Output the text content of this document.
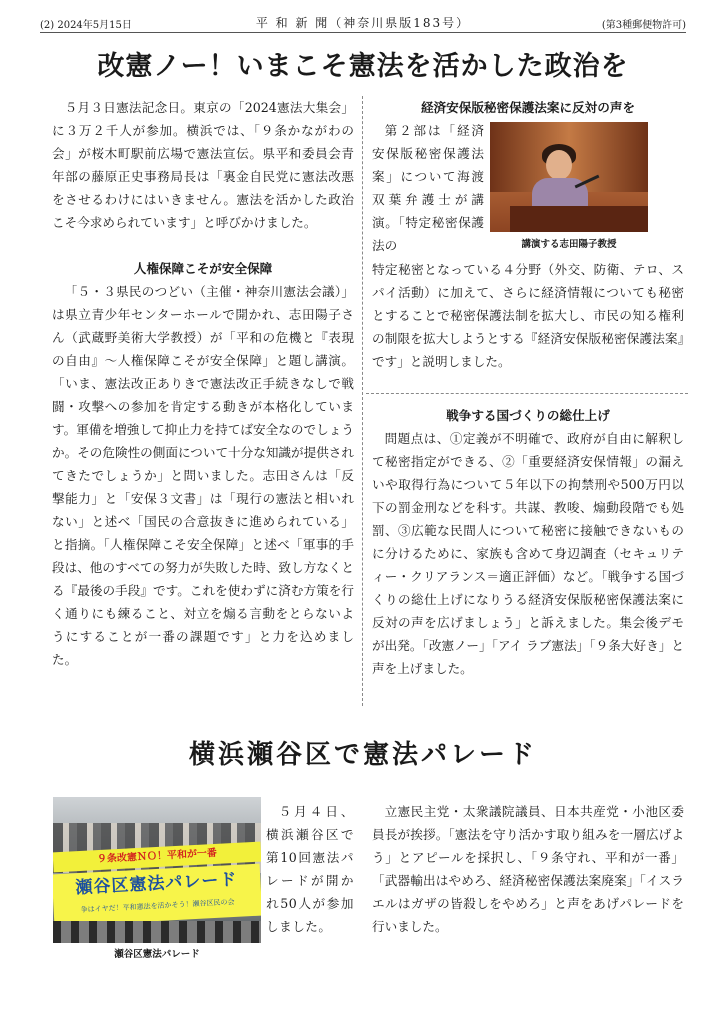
(2) 2024年5月15日	平 和 新 聞（神奈川県版183号）	(第3種郵便物許可)
改憲ノー！いまこそ憲法を活かした政治を

５月３日憲法記念日。東京の「2024憲法大集会」に３万２千人が参加。横浜では、「９条かながわの会」が桜木町駅前広場で憲法宣伝。県平和委員会青年部の藤原正史事務局長は「裏金自民党に憲法改悪をさせるわけにはいきません。憲法を活かした政治こそ今求められています」と呼びかけました。

人権保障こそが安全保障

「５・３県民のつどい（主催・神奈川憲法会議）」は県立青少年センターホールで開かれ、志田陽子さん（武蔵野美術大学教授）が「平和の危機と『表現の自由』～人権保障こそが安全保障」と題し講演。「いま、憲法改正ありきで憲法改正手続きなしで戦闘・攻撃への参加を肯定する動きが本格化しています。軍備を増強して抑止力を持てば安全なのでしょうか。その危険性の側面について十分な知識が提供されてきたでしょうか」と問いました。志田さんは「反撃能力」と「安保３文書」は「現行の憲法と相いれない」と述べ「国民の合意抜きに進められている」と指摘。「人権保障こそ安全保障」と述べ「軍事的手段は、他のすべての努力が失敗した時、致し方なくとる『最後の手段』です。これを使わずに済む方策を行く通りにも練ること、対立を煽る言動をとらないようにすることが一番の課題です」と力を込めました。

経済安保版秘密保護法案に反対の声を

第２部は「経済安保版秘密保護法案」について海渡双葉弁護士が講演。「特定秘密保護法の	講演する志田陽子教授

特定秘密となっている４分野（外交、防衛、テロ、スパイ活動）に加えて、さらに経済情報についても秘密とすることで秘密保護法制を拡大し、市民の知る権利の制限を拡大しようとする『経済安保版秘密保護法案』です」と説明しました。

戦争する国づくりの総仕上げ

問題点は、①定義が不明確で、政府が自由に解釈して秘密指定ができる、②「重要経済安保情報」の漏えいや取得行為について５年以下の拘禁刑や500万円以下の罰金刑などを科す。共謀、教唆、煽動段階でも処罰、③広範な民間人について秘密に接触できないものに分けるために、家族も含めて身辺調査（セキュリティー・クリアランス＝適正評価）など。「戦争する国づくりの総仕上げになりうる経済安保版秘密保護法案に反対の声を広げましょう」と訴えました。集会後デモが出発。「改憲ノー」「アイ ラブ憲法」「９条大好き」と声を上げました。

横浜瀬谷区で憲法パレード
９条改憲ＮＯ！平和が一番
瀬谷区憲法パレード
争はイヤだ！平和憲法を活かそう！瀬谷区民の会
瀬谷区憲法パレード

５月４日、横浜瀬谷区で第10回憲法パレードが開かれ50人が参加しました。

立憲民主党・太衆議院議員、日本共産党・小池区委員長が挨拶。「憲法を守り活かす取り組みを一層広げよう」とアピールを採択し、「９条守れ、平和が一番」「武器輸出はやめろ、経済秘密保護法案廃案」「イスラエルはガザの皆殺しをやめろ」と声をあげパレードを行いました。
